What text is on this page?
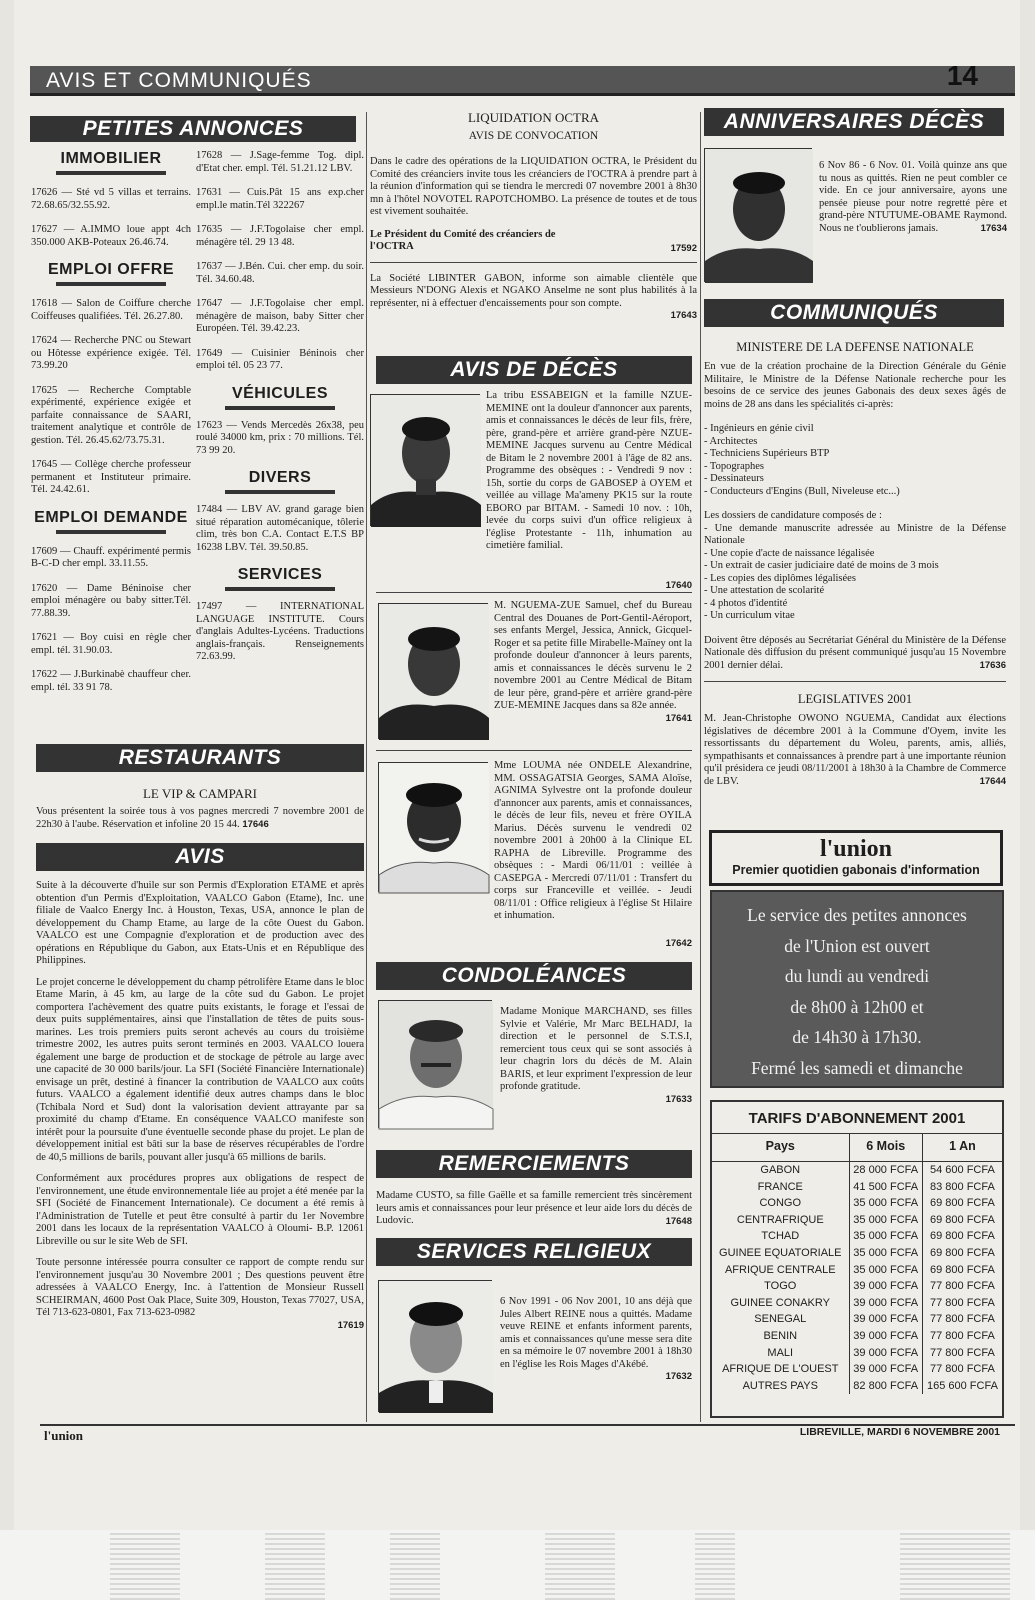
AVIS ET COMMUNIQUÉS	14
PETITES ANNONCES
IMMOBILIER
17626 — Sté vd 5 villas et terrains. 72.68.65/32.55.92.
17627 — A.IMMO loue appt 4ch 350.000 AKB-Poteaux 26.46.74.
EMPLOI OFFRE
17618 — Salon de Coiffure cherche Coiffeuses qualifiées. Tél. 26.27.80.
17624 — Recherche PNC ou Stewart ou Hôtesse expérience exigée. Tél. 73.99.20
17625 — Recherche Comptable expérimenté, expérience exigée et parfaite connaissance de SAARI, traitement analytique et contrôle de gestion. Tél. 26.45.62/73.75.31.
17645 — Collège cherche professeur permanent et Instituteur primaire. Tél. 24.42.61.
EMPLOI DEMANDE
17609 — Chauff. expérimenté permis B-C-D cher empl. 33.11.55.
17620 — Dame Béninoise cher emploi ménagère ou baby sitter.Tél. 77.88.39.
17621 — Boy cuisi en règle cher empl. tél. 31.90.03.
17622 — J.Burkinabè chauffeur cher. empl. tél. 33 91 78.
17628 — J.Sage-femme Tog. dipl. d'Etat cher. empl. Tél. 51.21.12 LBV.
17631 — Cuis.Pât 15 ans exp.cher empl.le matin.Tél 322267
17635 — J.F.Togolaise cher empl. ménagère tél. 29 13 48.
17637 — J.Bén. Cui. cher emp. du soir. Tél. 34.60.48.
17647 — J.F.Togolaise cher empl. ménagère de maison, baby Sitter cher Européen. Tél. 39.42.23.
17649 — Cuisinier Béninois cher emploi tél. 05 23 77.
VÉHICULES
17623 — Vends Mercedès 26x38, peu roulé 34000 km, prix : 70 millions. Tél. 73 99 20.
DIVERS
17484 — LBV AV. grand garage bien situé réparation automécanique, tôlerie clim, très bon C.A. Contact E.T.S BP 16238 LBV. Tél. 39.50.85.
SERVICES
17497 — INTERNATIONAL LANGUAGE INSTITUTE. Cours d'anglais Adultes-Lycéens. Traductions anglais-français. Renseignements 72.63.99.
RESTAURANTS
LE VIP & CAMPARI
Vous présentent la soirée tous à vos pagnes mercredi 7 novembre 2001 de 22h30 à l'aube. Réservation et infoline 20 15 44. 17646
AVIS

Suite à la découverte d'huile sur son Permis d'Exploration ETAME et après obtention d'un Permis d'Exploitation, VAALCO Gabon (Etame), Inc. une filiale de Vaalco Energy Inc. à Houston, Texas, USA, annonce le plan de développement du Champ Etame, au large de la côte Ouest du Gabon. VAALCO est une Compagnie d'exploration et de production avec des opérations en République du Gabon, aux Etats-Unis et en République des Philippines.

Le projet concerne le développement du champ pétrolifère Etame dans le bloc Etame Marin, à 45 km, au large de la côte sud du Gabon. Le projet comportera l'achèvement des quatre puits existants, le forage et l'essai de deux puits supplémentaires, ainsi que l'installation de têtes de puits sous-marines. Les trois premiers puits seront achevés au cours du troisième trimestre 2002, les autres puits seront terminés en 2003. VAALCO louera également une barge de production et de stockage de pétrole au large avec une capacité de 30 000 barils/jour. La SFI (Société Financière Internationale) envisage un prêt, destiné à financer la contribution de VAALCO aux coûts futurs. VAALCO a également identifié deux autres champs dans le bloc (Tchibala Nord et Sud) dont la valorisation devient attrayante par sa proximité du champ d'Etame. En conséquence VAALCO manifeste son intérêt pour la poursuite d'une éventuelle seconde phase du projet. Le plan de développement initial est bâti sur la base de réserves récupérables de l'ordre de 40,5 millions de barils, pouvant aller jusqu'à 65 millions de barils.

Conformément aux procédures propres aux obligations de respect de l'environnement, une étude environnementale liée au projet a été menée par la SFI (Société de Financement Internationale). Ce document a été remis à l'Administration de Tutelle et peut être consulté à partir du 1er Novembre 2001 dans les locaux de la représentation VAALCO à Oloumi- B.P. 12061 Libreville ou sur le site Web de SFI.

Toute personne intéressée pourra consulter ce rapport de compte rendu sur l'environnement jusqu'au 30 Novembre 2001 ; Des questions peuvent être adressées à VAALCO Energy, Inc. à l'attention de Monsieur Russell SCHEIRMAN, 4600 Post Oak Place, Suite 309, Houston, Texas 77027, USA, Tél 713-623-0801, Fax 713-623-0982

17619
LIQUIDATION OCTRA
AVIS DE CONVOCATION

Dans le cadre des opérations de la LIQUIDATION OCTRA, le Président du Comité des créanciers invite tous les créanciers de l'OCTRA à prendre part à la réunion d'information qui se tiendra le mercredi 07 novembre 2001 à 8h30 mn à l'hôtel NOVOTEL RAPOTCHOMBO. La présence de toutes et de tous est vivement souhaitée.

Le Président du Comité des créanciers de l'OCTRA	17592

La Société LIBINTER GABON, informe son aimable clientèle que Messieurs N'DONG Alexis et NGAKO Anselme ne sont plus habilités à la représenter, ni à effectuer d'encaissements pour son compte.

17643
AVIS DE DÉCÈS

La tribu ESSABEIGN et la famille NZUE-MEMINE ont la douleur d'annoncer aux parents, amis et connaissances le décès de leur fils, frère, père, grand-père et arrière grand-père NZUE-MEMINE Jacques survenu au Centre Médical de Bitam le 2 novembre 2001 à l'âge de 82 ans. Programme des obsèques : - Vendredi 9 nov : 15h, sortie du corps de GABOSEP à OYEM et veillée au village Ma'ameny PK15 sur la route EBORO par BITAM. - Samedi 10 nov. : 10h, levée du corps suivi d'un office religieux à l'église Protestante - 11h, inhumation au cimetière familial.

17640

M. NGUEMA-ZUE Samuel, chef du Bureau Central des Douanes de Port-Gentil-Aéroport, ses enfants Mergel, Jessica, Annick, Gicquel-Roger et sa petite fille Mirabelle-Maïney ont la profonde douleur d'annoncer à leurs parents, amis et connaissances le décès survenu le 2 novembre 2001 au Centre Médical de Bitam de leur père, grand-père et arrière grand-père ZUE-MEMINE Jacques dans sa 82e année.

17641

Mme LOUMA née ONDELE Alexandrine, MM. OSSAGATSIA Georges, SAMA Aloïse, AGNIMA Sylvestre ont la profonde douleur d'annoncer aux parents, amis et connaissances, le décès de leur fils, neveu et frère OYILA Marius. Décès survenu le vendredi 02 novembre 2001 à 20h00 à la Clinique EL RAPHA de Libreville. Programme des obsèques : - Mardi 06/11/01 : veillée à CASEPGA - Mercredi 07/11/01 : Transfert du corps sur Franceville et veillée. - Jeudi 08/11/01 : Office religieux à l'église St Hilaire et inhumation.

17642
CONDOLÉANCES

Madame Monique MARCHAND, ses filles Sylvie et Valérie, Mr Marc BELHADJ, la direction et le personnel de S.T.S.I, remercient tous ceux qui se sont associés à leur chagrin lors du décès de M. Alain BARIS, et leur expriment l'expression de leur profonde gratitude.

17633
REMERCIEMENTS

Madame CUSTO, sa fille Gaëlle et sa famille remercient très sincèrement leurs amis et connaissances pour leur présence et leur aide lors du décès de Ludovic.	17648
SERVICES RELIGIEUX

6 Nov 1991 - 06 Nov 2001, 10 ans déjà que Jules Albert REINE nous a quittés. Madame veuve REINE et enfants informent parents, amis et connaissances qu'une messe sera dite en sa mémoire le 07 novembre 2001 à 18h30 en l'église les Rois Mages d'Akébé.

17632
ANNIVERSAIRES DÉCÈS

6 Nov 86 - 6 Nov. 01. Voilà quinze ans que tu nous as quittés. Rien ne peut combler ce vide. En ce jour anniversaire, ayons une pensée pieuse pour notre regretté père et grand-père NTUTUME-OBAME Raymond. Nous ne t'oublierons jamais.	17634
COMMUNIQUÉS
MINISTERE DE LA DEFENSE NATIONALE

En vue de la création prochaine de la Direction Générale du Génie Militaire, le Ministre de la Défense Nationale recherche pour les besoins de ce service des jeunes Gabonais des deux sexes âgés de moins de 28 ans dans les spécialités ci-après:

- Ingénieurs en génie civil
- Architectes
- Techniciens Supérieurs BTP
- Topographes
- Dessinateurs
- Conducteurs d'Engins (Bull, Niveleuse etc...)
Les dossiers de candidature composés de :
- Une demande manuscrite adressée au Ministre de la Défense Nationale
- Une copie d'acte de naissance légalisée
- Un extrait de casier judiciaire daté de moins de 3 mois
- Les copies des diplômes légalisées
- Une attestation de scolarité
- 4 photos d'identité
- Un curriculum vitae

Doivent être déposés au Secrétariat Général du Ministère de la Défense Nationale dès diffusion du présent communiqué jusqu'au 15 Novembre 2001 dernier délai.	17636
LEGISLATIVES 2001

M. Jean-Christophe OWONO NGUEMA, Candidat aux élections législatives de décembre 2001 à la Commune d'Oyem, invite les ressortissants du département du Woleu, parents, amis, alliés, sympathisants et connaissances à prendre part à une importante réunion qu'il présidera ce jeudi 08/11/2001 à 18h30 à la Chambre de Commerce de LBV.	17644
l'union
Premier quotidien gabonais d'information
Le service des petites annonces
de l'Union est ouvert
du lundi au vendredi
de 8h00 à 12h00 et
de 14h30 à 17h30.
Fermé les samedi et dimanche
TARIFS D'ABONNEMENT 2001
Pays	6 Mois	1 An
GABON	28 000 FCFA	54 600 FCFA
FRANCE	41 500 FCFA	83 800 FCFA
CONGO	35 000 FCFA	69 800 FCFA
CENTRAFRIQUE	35 000 FCFA	69 800 FCFA
TCHAD	35 000 FCFA	69 800 FCFA
GUINEE EQUATORIALE	35 000 FCFA	69 800 FCFA
AFRIQUE CENTRALE	35 000 FCFA	69 800 FCFA
TOGO	39 000 FCFA	77 800 FCFA
GUINEE CONAKRY	39 000 FCFA	77 800 FCFA
SENEGAL	39 000 FCFA	77 800 FCFA
BENIN	39 000 FCFA	77 800 FCFA
MALI	39 000 FCFA	77 800 FCFA
AFRIQUE DE L'OUEST	39 000 FCFA	77 800 FCFA
AUTRES PAYS	82 800 FCFA	165 600 FCFA
l'union	LIBREVILLE, MARDI 6 NOVEMBRE 2001
